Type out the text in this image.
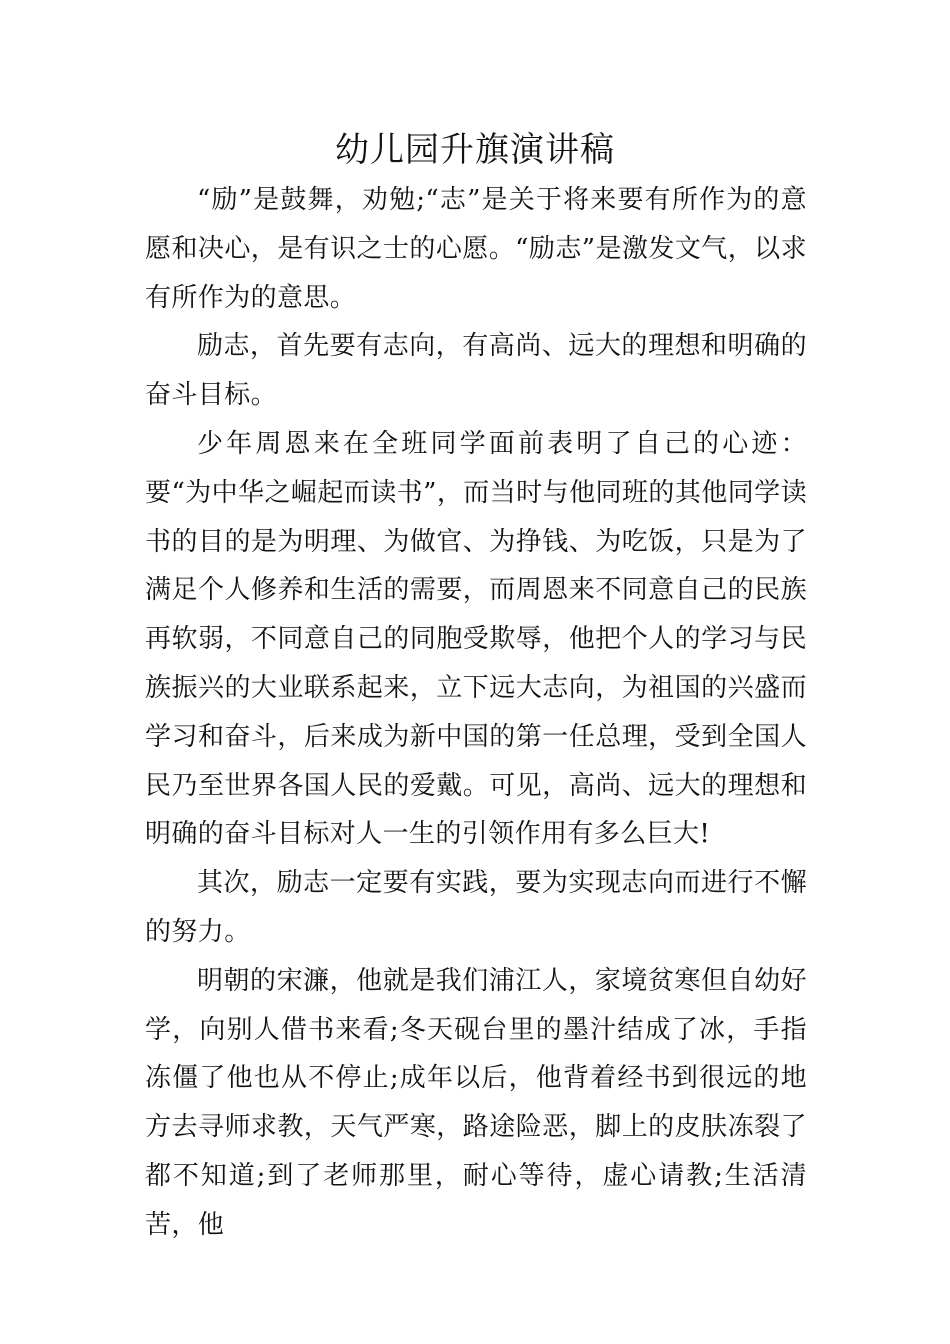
幼儿园升旗演讲稿

“励”是鼓舞，劝勉;“志”是关于将来要有所作为的意愿和决心，是有识之士的心愿。“励志”是激发文气，以求有所作为的意思。

励志，首先要有志向，有高尚、远大的理想和明确的奋斗目标。

少年周恩来在全班同学面前表明了自己的心迹：要“为中华之崛起而读书”，而当时与他同班的其他同学读书的目的是为明理、为做官、为挣钱、为吃饭，只是为了满足个人修养和生活的需要，而周恩来不同意自己的民族再软弱，不同意自己的同胞受欺辱，他把个人的学习与民族振兴的大业联系起来，立下远大志向，为祖国的兴盛而学习和奋斗，后来成为新中国的第一任总理，受到全国人民乃至世界各国人民的爱戴。可见，高尚、远大的理想和明确的奋斗目标对人一生的引领作用有多么巨大!

其次，励志一定要有实践，要为实现志向而进行不懈的努力。

明朝的宋濂，他就是我们浦江人，家境贫寒但自幼好学，向别人借书来看;冬天砚台里的墨汁结成了冰，手指冻僵了他也从不停止;成年以后，他背着经书到很远的地方去寻师求教，天气严寒，路途险恶，脚上的皮肤冻裂了都不知道;到了老师那里，耐心等待，虚心请教;生活清苦，他
